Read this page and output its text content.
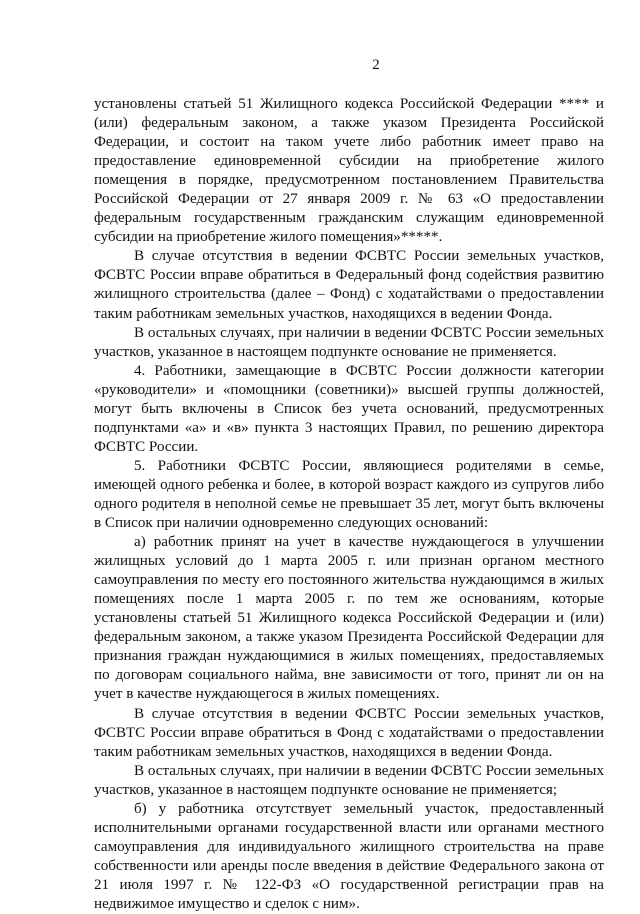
2

установлены статьей 51 Жилищного кодекса Российской Федерации **** и (или) федеральным законом, а также указом Президента Российской Федерации, и состоит на таком учете либо работник имеет право на предоставление единовременной субсидии на приобретение жилого помещения в порядке, предусмотренном постановлением Правительства Российской Федерации от 27 января 2009 г. № 63 «О предоставлении федеральным государственным гражданским служащим единовременной субсидии на приобретение жилого помещения»*****.

В случае отсутствия в ведении ФСВТС России земельных участков, ФСВТС России вправе обратиться в Федеральный фонд содействия развитию жилищного строительства (далее – Фонд) с ходатайствами о предоставлении таким работникам земельных участков, находящихся в ведении Фонда.

В остальных случаях, при наличии в ведении ФСВТС России земельных участков, указанное в настоящем подпункте основание не применяется.

4. Работники, замещающие в ФСВТС России должности категории «руководители» и «помощники (советники)» высшей группы должностей, могут быть включены в Список без учета оснований, предусмотренных подпунктами «а» и «в» пункта 3 настоящих Правил, по решению директора ФСВТС России.

5. Работники ФСВТС России, являющиеся родителями в семье, имеющей одного ребенка и более, в которой возраст каждого из супругов либо одного родителя в неполной семье не превышает 35 лет, могут быть включены в Список при наличии одновременно следующих оснований:

а) работник принят на учет в качестве нуждающегося в улучшении жилищных условий до 1 марта 2005 г. или признан органом местного самоуправления по месту его постоянного жительства нуждающимся в жилых помещениях после 1 марта 2005 г. по тем же основаниям, которые установлены статьей 51 Жилищного кодекса Российской Федерации и (или) федеральным законом, а также указом Президента Российской Федерации для признания граждан нуждающимися в жилых помещениях, предоставляемых по договорам социального найма, вне зависимости от того, принят ли он на учет в качестве нуждающегося в жилых помещениях.

В случае отсутствия в ведении ФСВТС России земельных участков, ФСВТС России вправе обратиться в Фонд с ходатайствами о предоставлении таким работникам земельных участков, находящихся в ведении Фонда.

В остальных случаях, при наличии в ведении ФСВТС России земельных участков, указанное в настоящем подпункте основание не применяется;

б) у работника отсутствует земельный участок, предоставленный исполнительными органами государственной власти или органами местного самоуправления для индивидуального жилищного строительства на праве собственности или аренды после введения в действие Федерального закона от 21 июля 1997 г. № 122-ФЗ «О государственной регистрации прав на недвижимое имущество и сделок с ним».
